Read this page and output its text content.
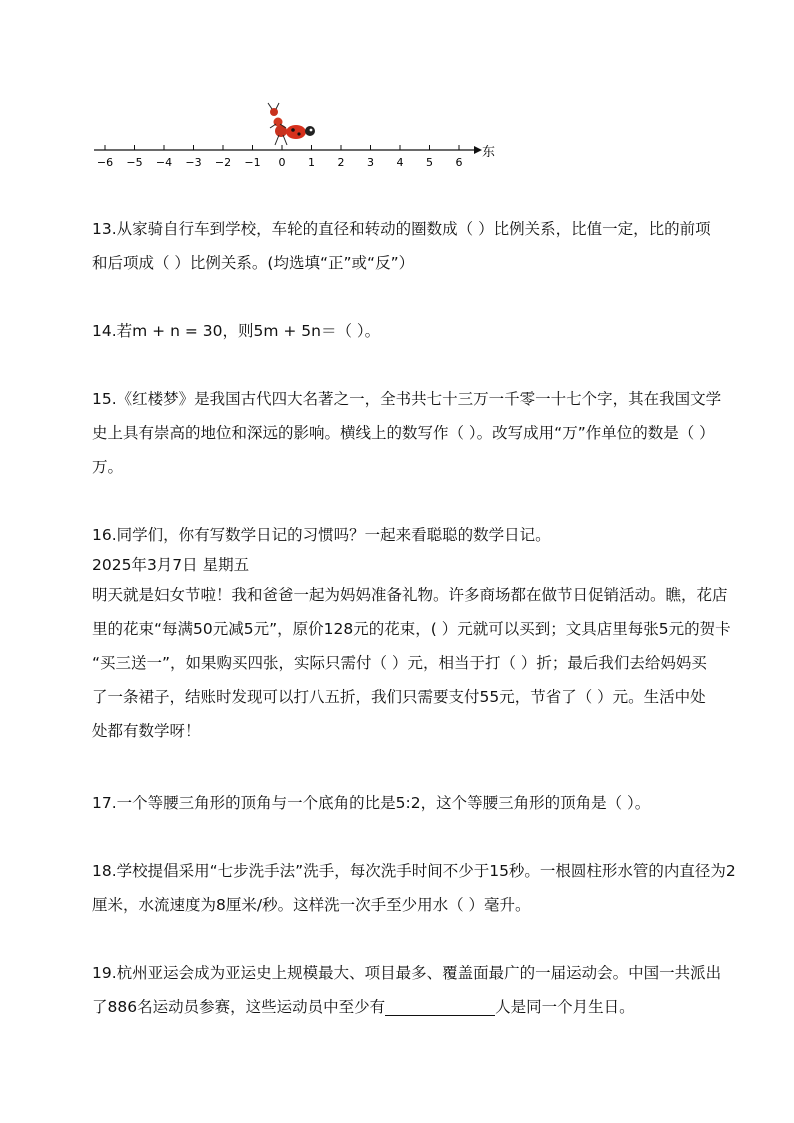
−6 −5 −4 −3 −2 −1 0 1 2 3 4 5 6
东

13.从家骑自行车到学校，车轮的直径和转动的圈数成（ ）比例关系，比值一定，比的前项

和后项成（ ）比例关系。(均选填“正”或“反”）

14.若m + n = 30，则5m + 5n＝（ ）。

15.《红楼梦》是我国古代四大名著之一，全书共七十三万一千零一十七个字，其在我国文学

史上具有崇高的地位和深远的影响。横线上的数写作（ ）。改写成用“万”作单位的数是（ ）

万。

16.同学们，你有写数学日记的习惯吗？一起来看聪聪的数学日记。

2025年3月7日 星期五

明天就是妇女节啦！我和爸爸一起为妈妈准备礼物。许多商场都在做节日促销活动。瞧，花店

里的花束“每满50元减5元”，原价128元的花束，( ）元就可以买到；文具店里每张5元的贺卡

“买三送一”，如果购买四张，实际只需付（ ）元，相当于打（ ）折；最后我们去给妈妈买

了一条裙子，结账时发现可以打八五折，我们只需要支付55元，节省了（ ）元。生活中处

处都有数学呀！

17.一个等腰三角形的顶角与一个底角的比是5:2，这个等腰三角形的顶角是（ ）。

18.学校提倡采用“七步洗手法”洗手，每次洗手时间不少于15秒。一根圆柱形水管的内直径为2

厘米，水流速度为8厘米/秒。这样洗一次手至少用水（ ）毫升。

19.杭州亚运会成为亚运史上规模最大、项目最多、覆盖面最广的一届运动会。中国一共派出

了886名运动员参赛，这些运动员中至少有	人是同一个月生日。
